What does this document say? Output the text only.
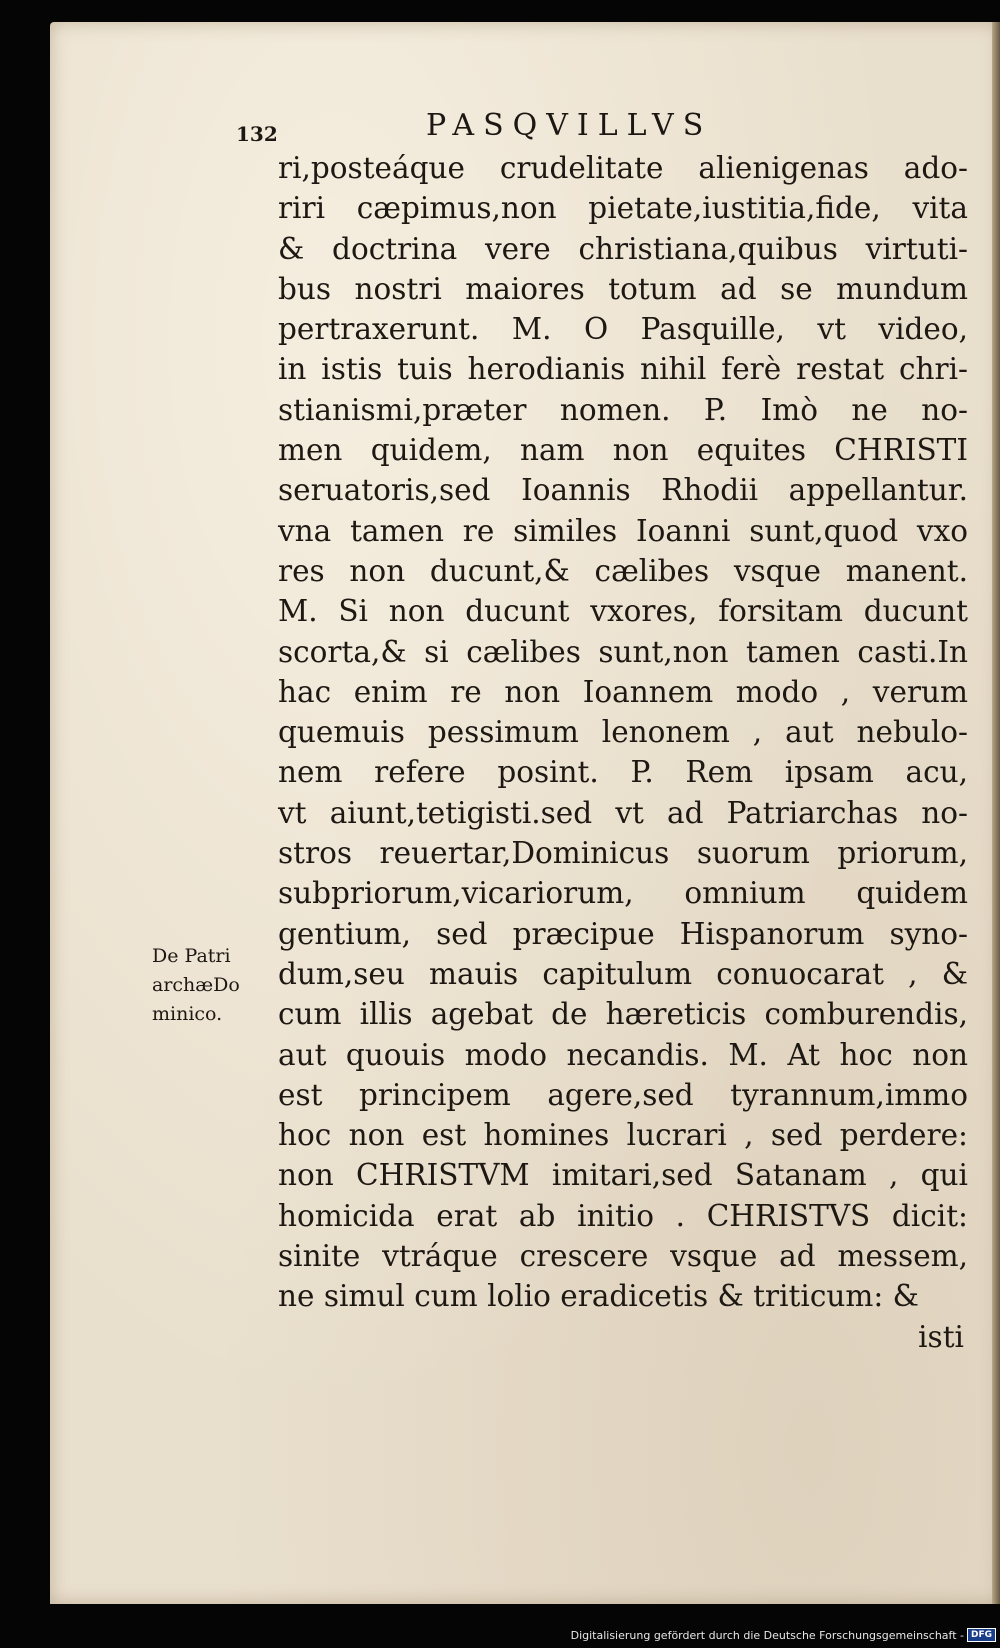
132	PASQVILLVS
ri,posteáque crudelitate alienigenas ado-
riri cæpimus,non pietate,iustitia,fide, vita
& doctrina vere christiana,quibus virtuti-
bus nostri maiores totum ad se mundum
pertraxerunt. M. O Pasquille, vt video,
in istis tuis herodianis nihil ferè restat chri-
stianismi,præter nomen. P. Imò ne no-
men quidem, nam non equites CHRISTI
seruatoris,sed Ioannis Rhodii appellantur.
vna tamen re similes Ioanni sunt,quod vxo
res non ducunt,& cælibes vsque manent.
M. Si non ducunt vxores, forsitam ducunt
scorta,& si cælibes sunt,non tamen casti.In
hac enim re non Ioannem modo , verum
quemuis pessimum lenonem , aut nebulo-
nem refere posint. P. Rem ipsam acu,
vt aiunt,tetigisti.sed vt ad Patriarchas no-
stros reuertar,Dominicus suorum priorum,
subpriorum,vicariorum, omnium quidem
gentium, sed præcipue Hispanorum syno-
dum,seu mauis capitulum conuocarat , &
cum illis agebat de hæreticis comburendis,
aut quouis modo necandis. M. At hoc non
est principem agere,sed tyrannum,immo
hoc non est homines lucrari , sed perdere:
non CHRISTVM imitari,sed Satanam , qui
homicida erat ab initio . CHRISTVS dicit:
sinite vtráque crescere vsque ad messem,
ne simul cum lolio eradicetis & triticum: &
isti
De Patri
archæDo
minico.
Digitalisierung gefördert durch die Deutsche Forschungsgemeinschaft - DFG
